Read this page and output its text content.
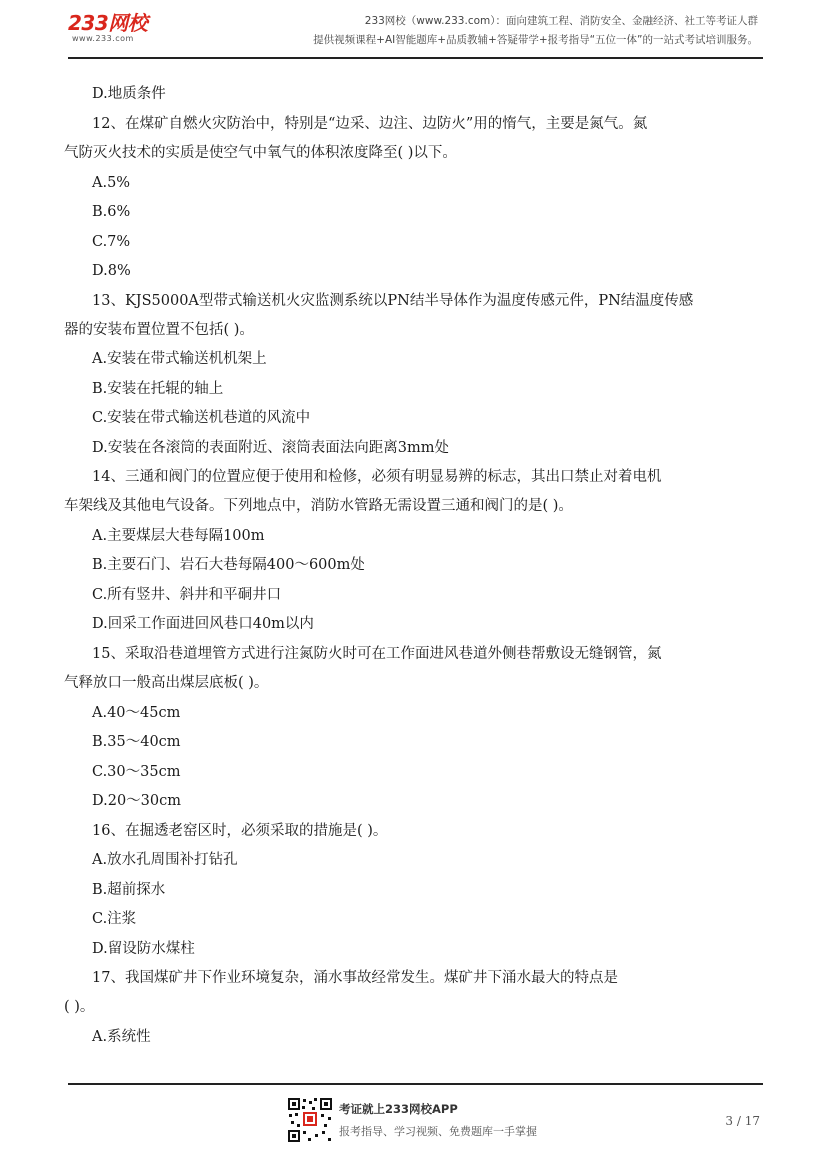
233网校
www.233.com
233网校（www.233.com）：面向建筑工程、消防安全、金融经济、社工等考证人群
提供视频课程+AI智能题库+品质教辅+答疑带学+报考指导“五位一体”的一站式考试培训服务。
D.地质条件
12、在煤矿自燃火灾防治中，特别是“边采、边注、边防火”用的惰气，主要是氮气。氮
气防灭火技术的实质是使空气中氧气的体积浓度降至( )以下。
A.5%
B.6%
C.7%
D.8%
13、KJS5000A型带式输送机火灾监测系统以PN结半导体作为温度传感元件，PN结温度传感
器的安装布置位置不包括( )。
A.安装在带式输送机机架上
B.安装在托辊的轴上
C.安装在带式输送机巷道的风流中
D.安装在各滚筒的表面附近、滚筒表面法向距离3mm处
14、三通和阀门的位置应便于使用和检修，必须有明显易辨的标志，其出口禁止对着电机
车架线及其他电气设备。下列地点中，消防水管路无需设置三通和阀门的是( )。
A.主要煤层大巷每隔100m
B.主要石门、岩石大巷每隔400～600m处
C.所有竖井、斜井和平硐井口
D.回采工作面进回风巷口40m以内
15、采取沿巷道埋管方式进行注氮防火时可在工作面进风巷道外侧巷帮敷设无缝钢管，氮
气释放口一般高出煤层底板( )。
A.40～45cm
B.35～40cm
C.30～35cm
D.20～30cm
16、在掘透老窑区时，必须采取的措施是( )。
A.放水孔周围补打钻孔
B.超前探水
C.注浆
D.留设防水煤柱
17、我国煤矿井下作业环境复杂，涌水事故经常发生。煤矿井下涌水最大的特点是
( )。
A.系统性
考证就上233网校APP
报考指导、学习视频、免费题库一手掌握
3 / 17
